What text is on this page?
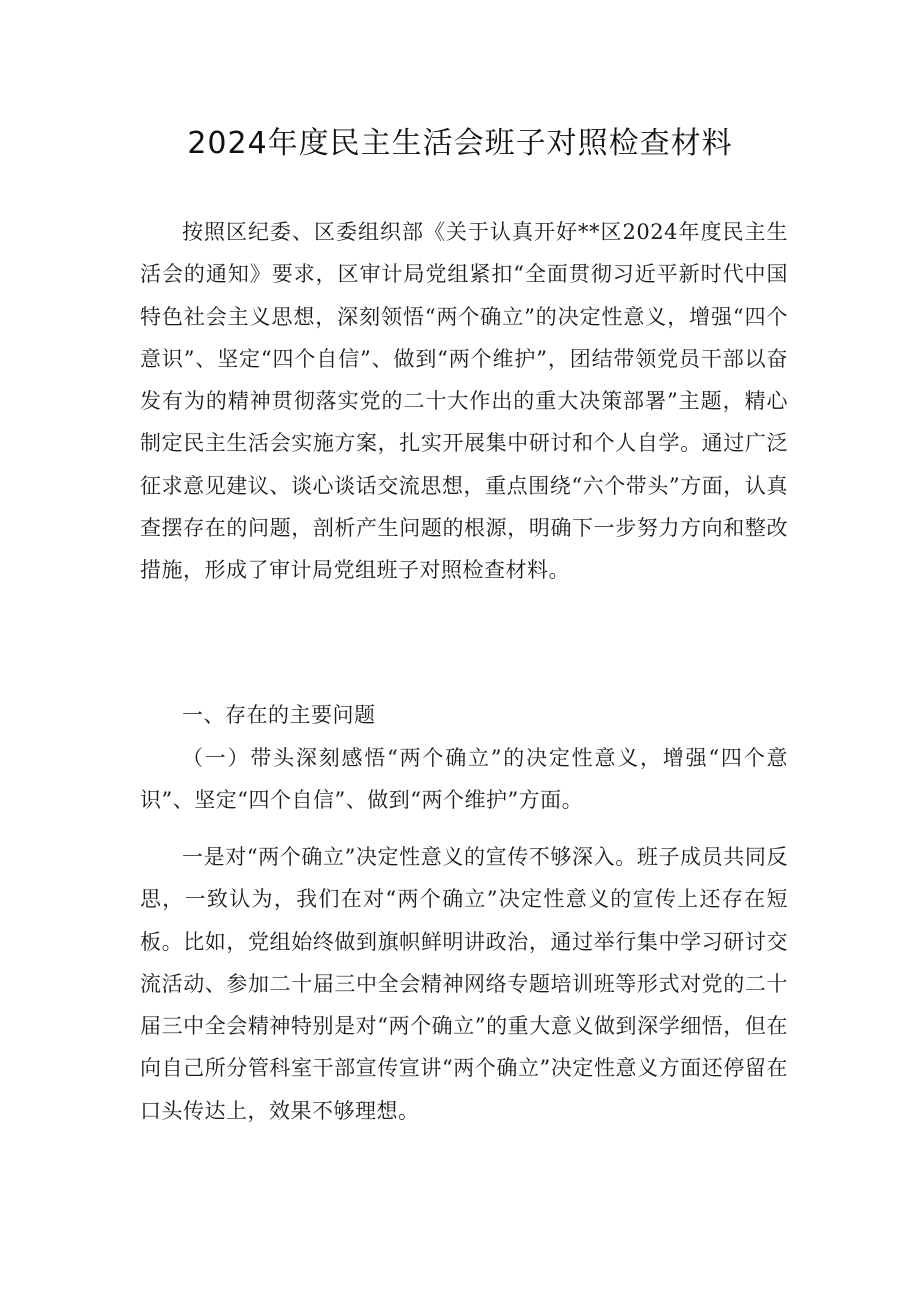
2024年度民主生活会班子对照检查材料

按照区纪委、区委组织部《关于认真开好**区2024年度民主生活会的通知》要求，区审计局党组紧扣“全面贯彻习近平新时代中国特色社会主义思想，深刻领悟“两个确立”的决定性意义，增强“四个意识”、坚定“四个自信”、做到“两个维护”，团结带领党员干部以奋发有为的精神贯彻落实党的二十大作出的重大决策部署”主题，精心制定民主生活会实施方案，扎实开展集中研讨和个人自学。通过广泛征求意见建议、谈心谈话交流思想，重点围绕“六个带头”方面，认真查摆存在的问题，剖析产生问题的根源，明确下一步努力方向和整改措施，形成了审计局党组班子对照检查材料。

一、存在的主要问题

（一）带头深刻感悟“两个确立”的决定性意义，增强“四个意识”、坚定“四个自信”、做到“两个维护”方面。

一是对“两个确立”决定性意义的宣传不够深入。班子成员共同反思，一致认为，我们在对“两个确立”决定性意义的宣传上还存在短板。比如，党组始终做到旗帜鲜明讲政治，通过举行集中学习研讨交流活动、参加二十届三中全会精神网络专题培训班等形式对党的二十届三中全会精神特别是对“两个确立”的重大意义做到深学细悟，但在向自己所分管科室干部宣传宣讲“两个确立”决定性意义方面还停留在口头传达上，效果不够理想。
